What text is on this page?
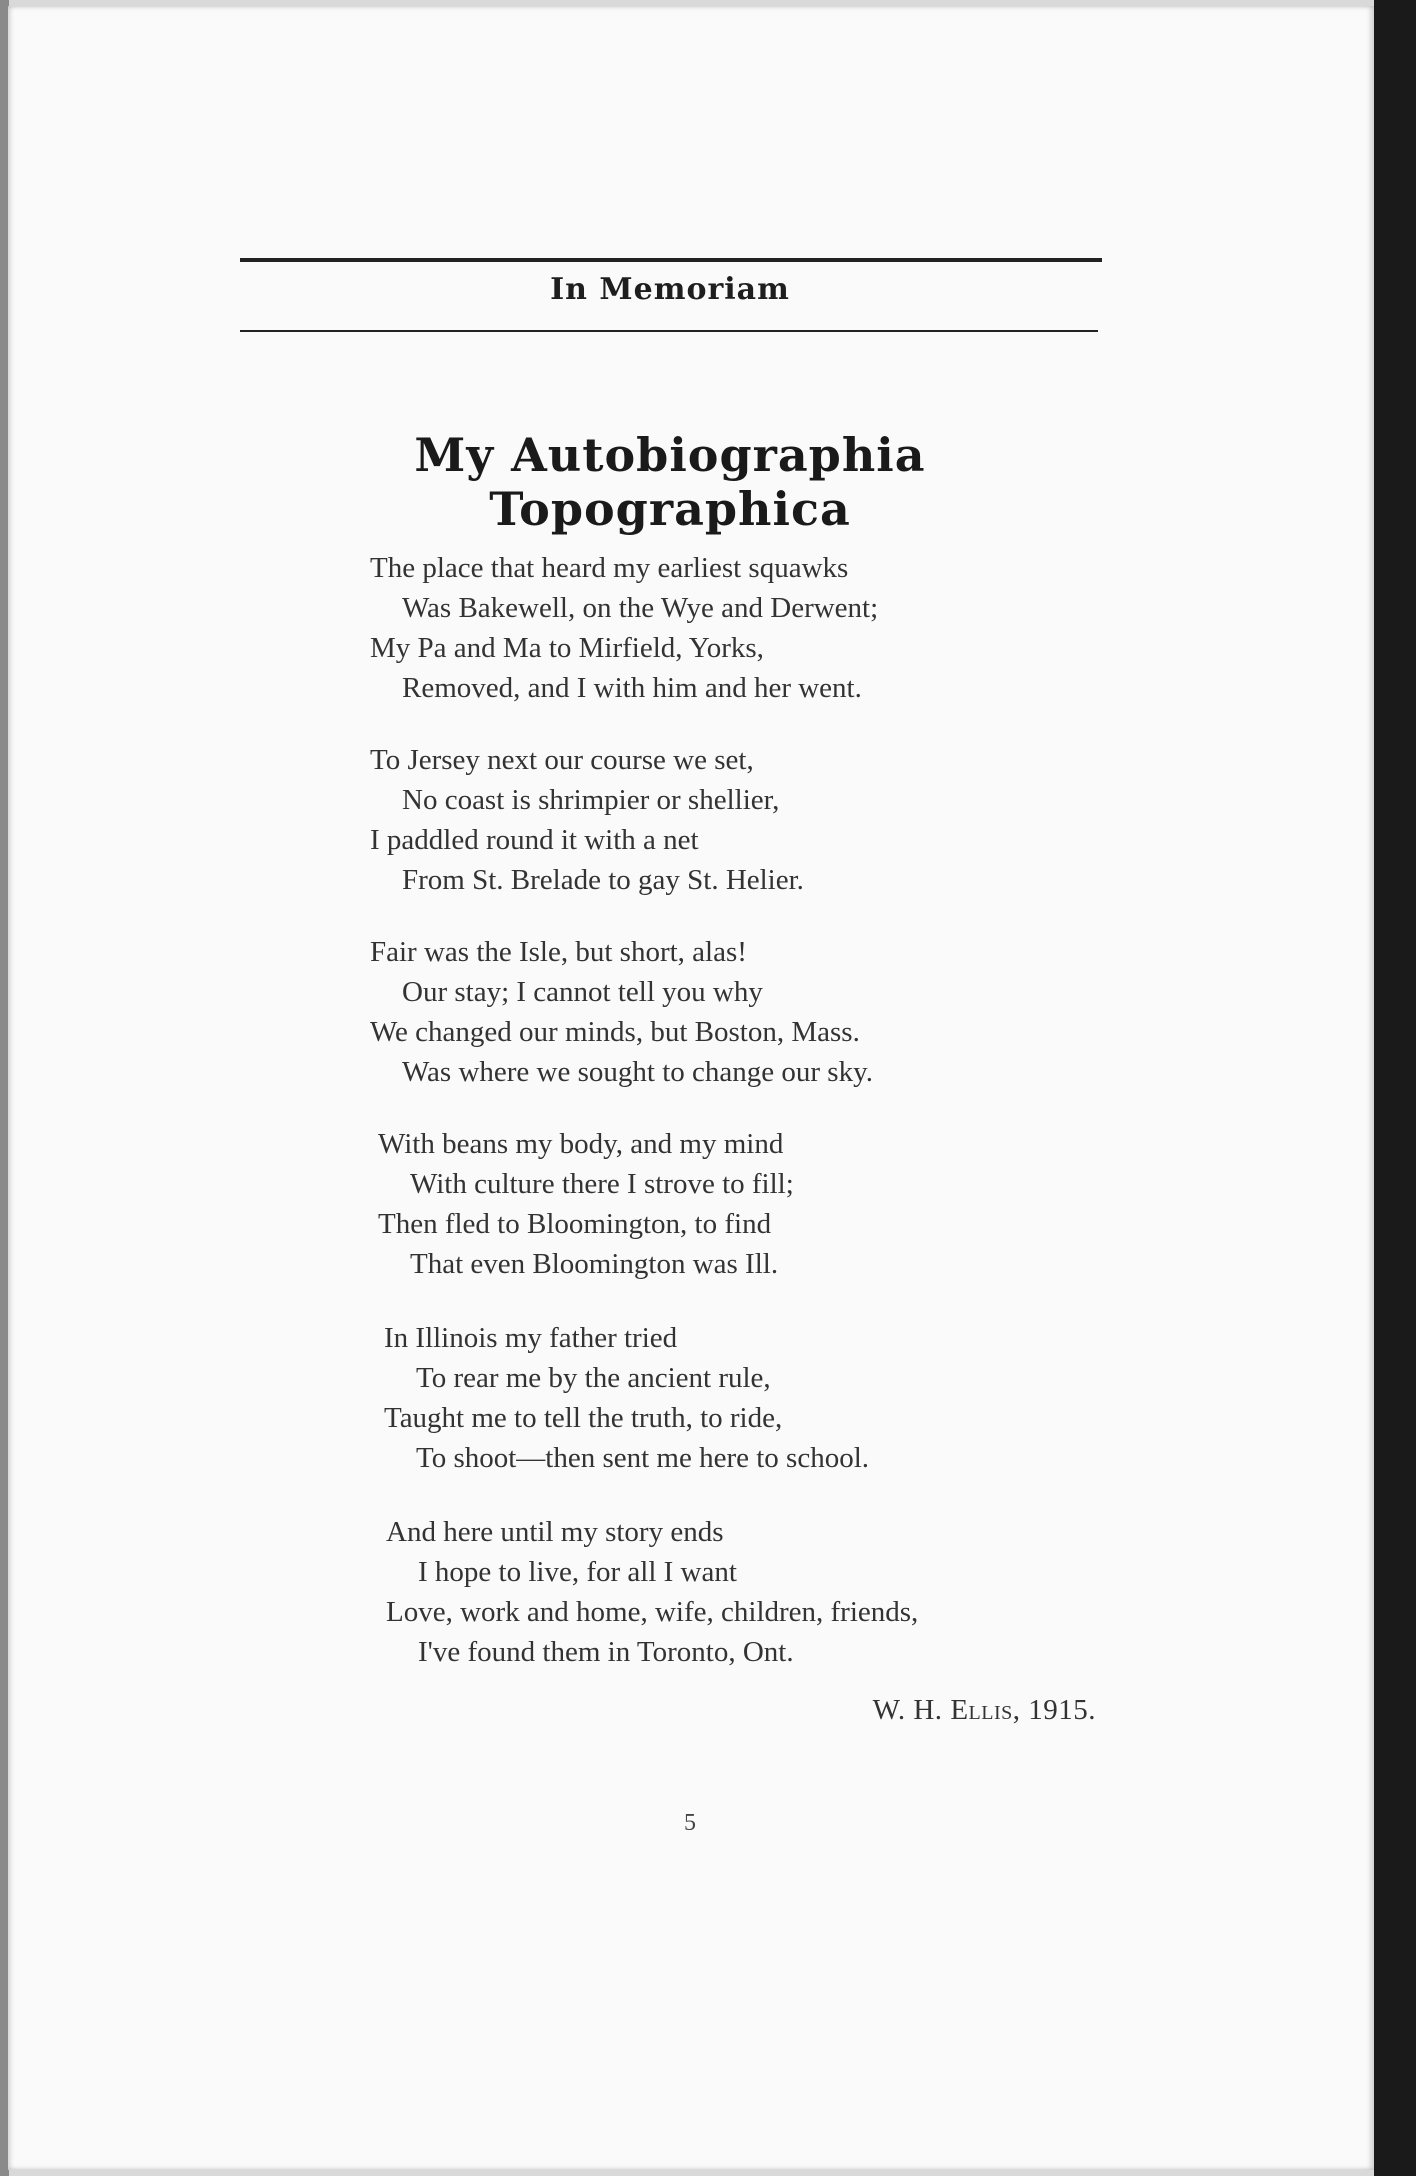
In Memoriam
My Autobiographia Topographica
The place that heard my earliest squawks
Was Bakewell, on the Wye and Derwent;
My Pa and Ma to Mirfield, Yorks,
Removed, and I with him and her went.
To Jersey next our course we set,
No coast is shrimpier or shellier,
I paddled round it with a net
From St. Brelade to gay St. Helier.
Fair was the Isle, but short, alas!
Our stay; I cannot tell you why
We changed our minds, but Boston, Mass.
Was where we sought to change our sky.
With beans my body, and my mind
With culture there I strove to fill;
Then fled to Bloomington, to find
That even Bloomington was Ill.
In Illinois my father tried
To rear me by the ancient rule,
Taught me to tell the truth, to ride,
To shoot—then sent me here to school.
And here until my story ends
I hope to live, for all I want
Love, work and home, wife, children, friends,
I've found them in Toronto, Ont.
W. H. Ellis, 1915.
5
